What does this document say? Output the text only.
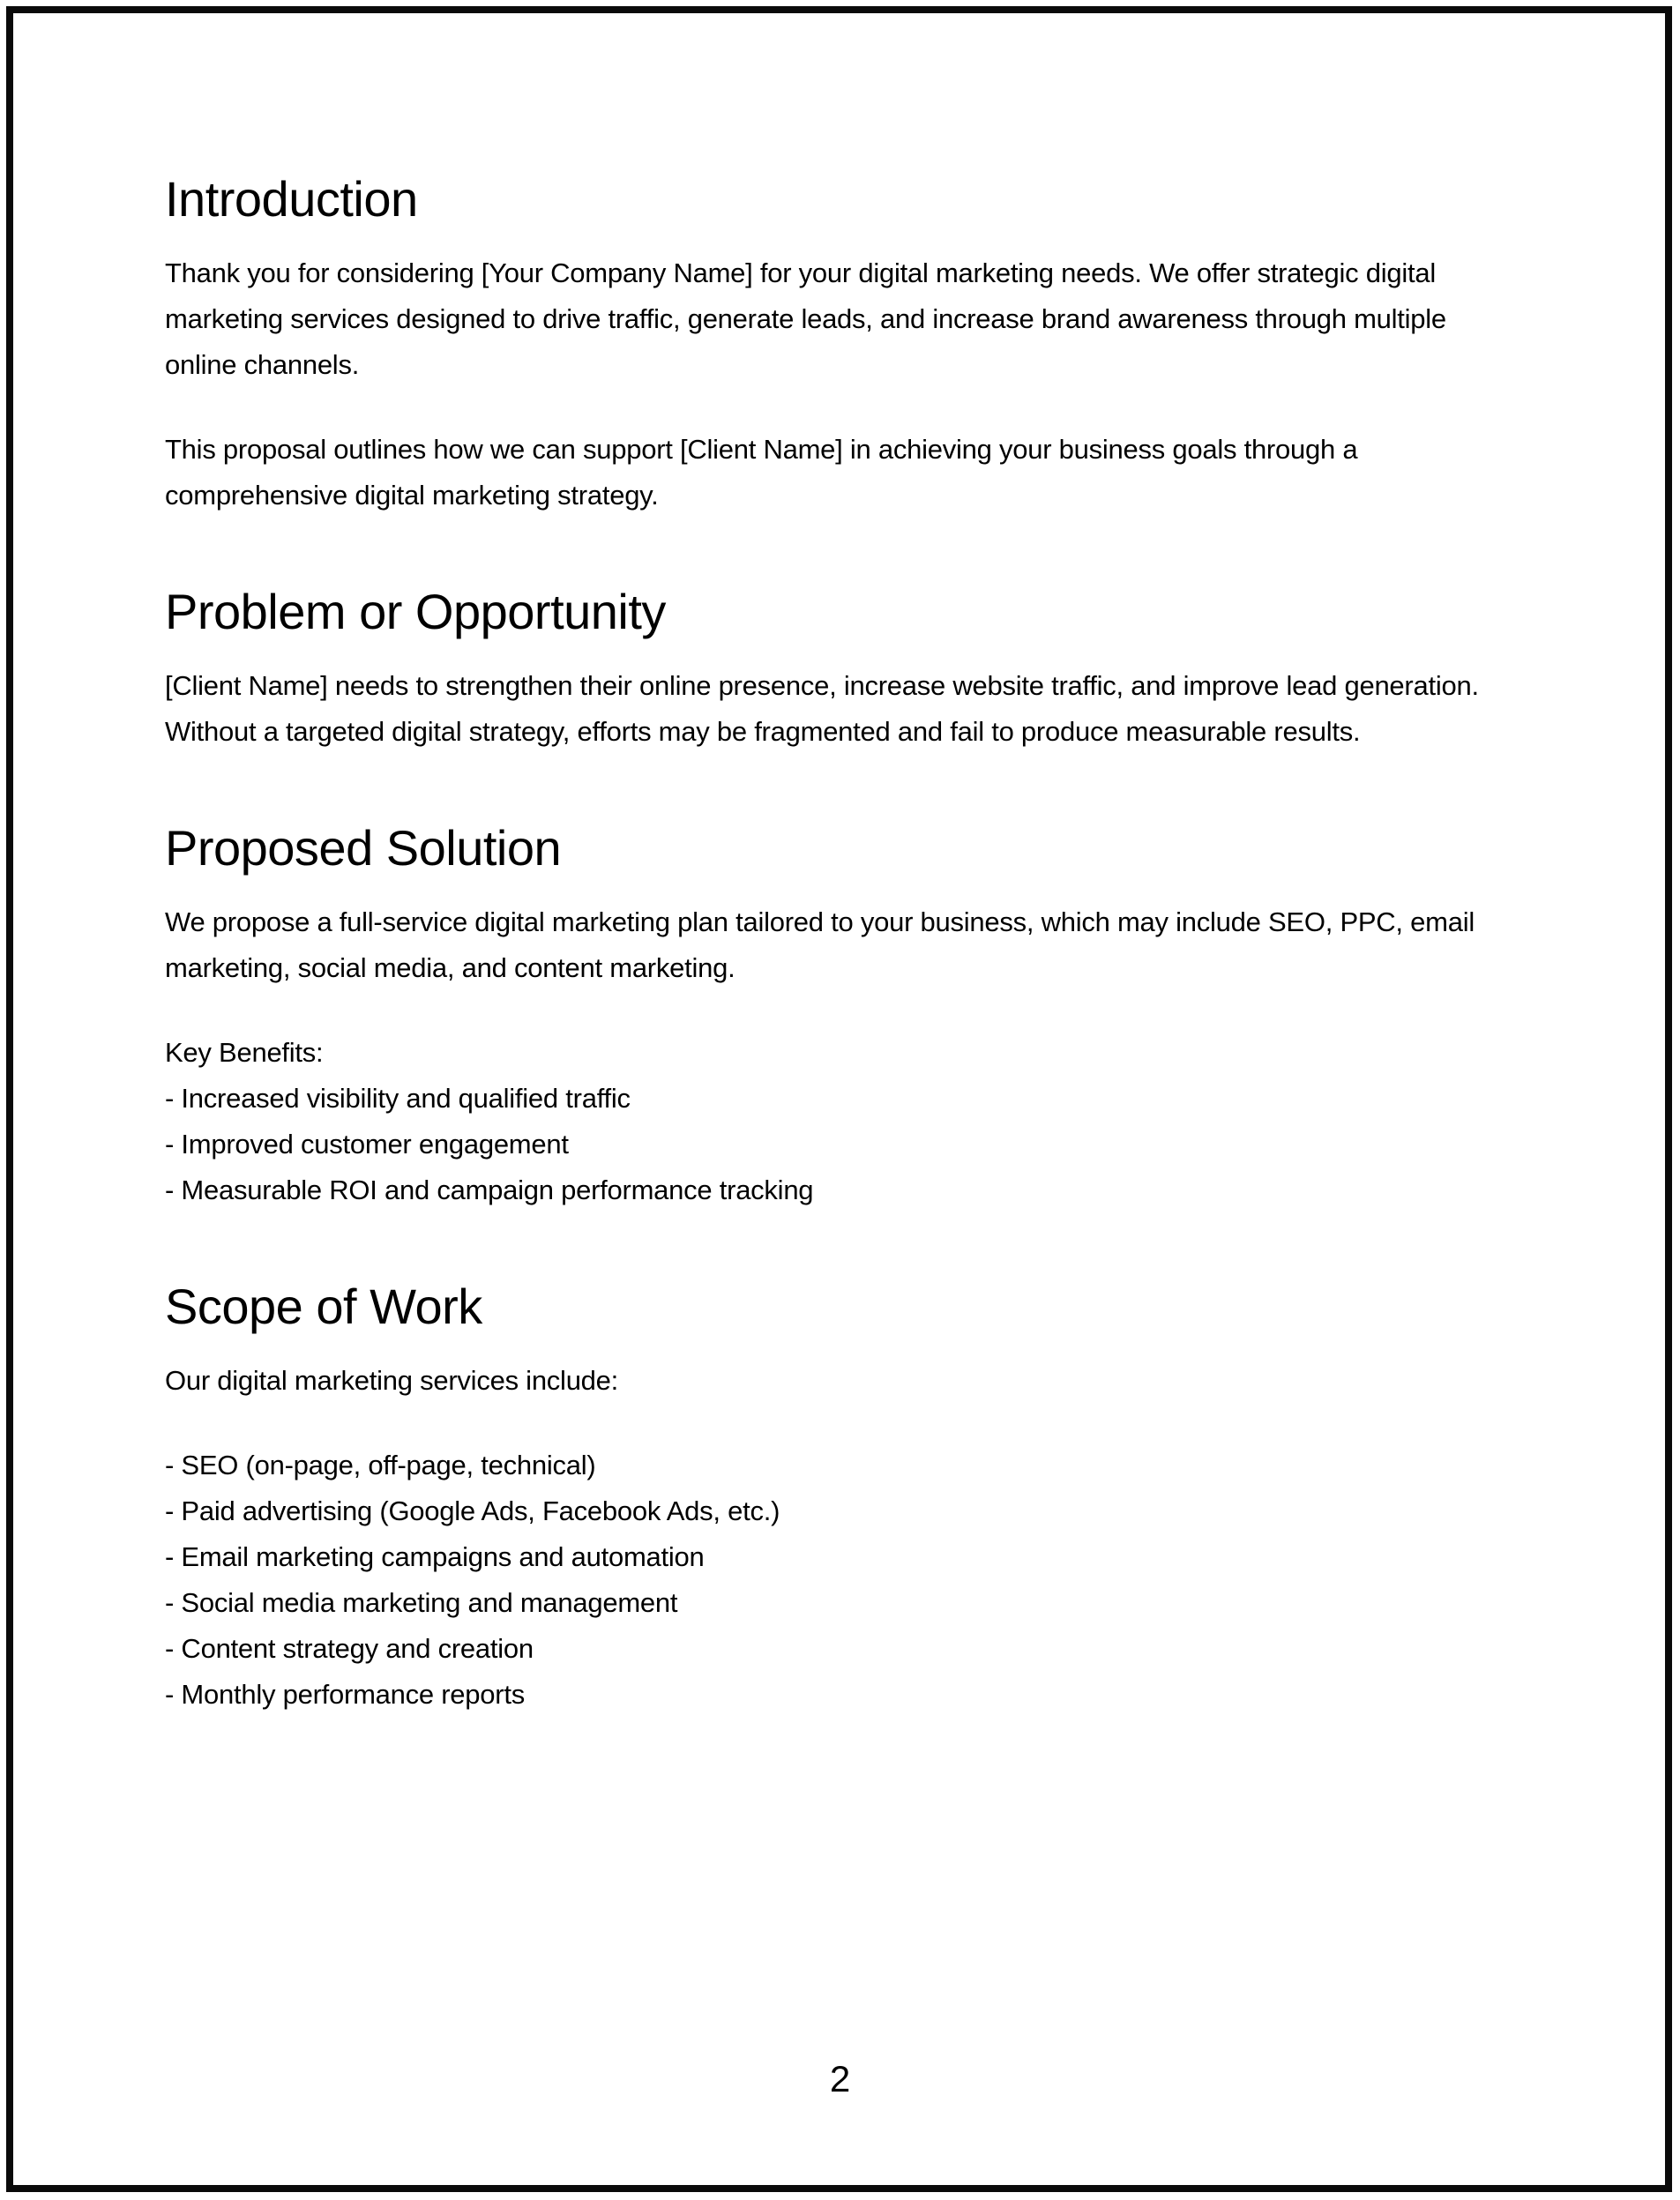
Introduction

Thank you for considering [Your Company Name] for your digital marketing needs. We offer strategic digital marketing services designed to drive traffic, generate leads, and increase brand awareness through multiple online channels.

This proposal outlines how we can support [Client Name] in achieving your business goals through a comprehensive digital marketing strategy.

Problem or Opportunity

[Client Name] needs to strengthen their online presence, increase website traffic, and improve lead generation. Without a targeted digital strategy, efforts may be fragmented and fail to produce measurable results.

Proposed Solution

We propose a full-service digital marketing plan tailored to your business, which may include SEO, PPC, email marketing, social media, and content marketing.

Key Benefits:
- Increased visibility and qualified traffic
- Improved customer engagement
- Measurable ROI and campaign performance tracking
Scope of Work

Our digital marketing services include:

- SEO (on-page, off-page, technical)
- Paid advertising (Google Ads, Facebook Ads, etc.)
- Email marketing campaigns and automation
- Social media marketing and management
- Content strategy and creation
- Monthly performance reports
2
